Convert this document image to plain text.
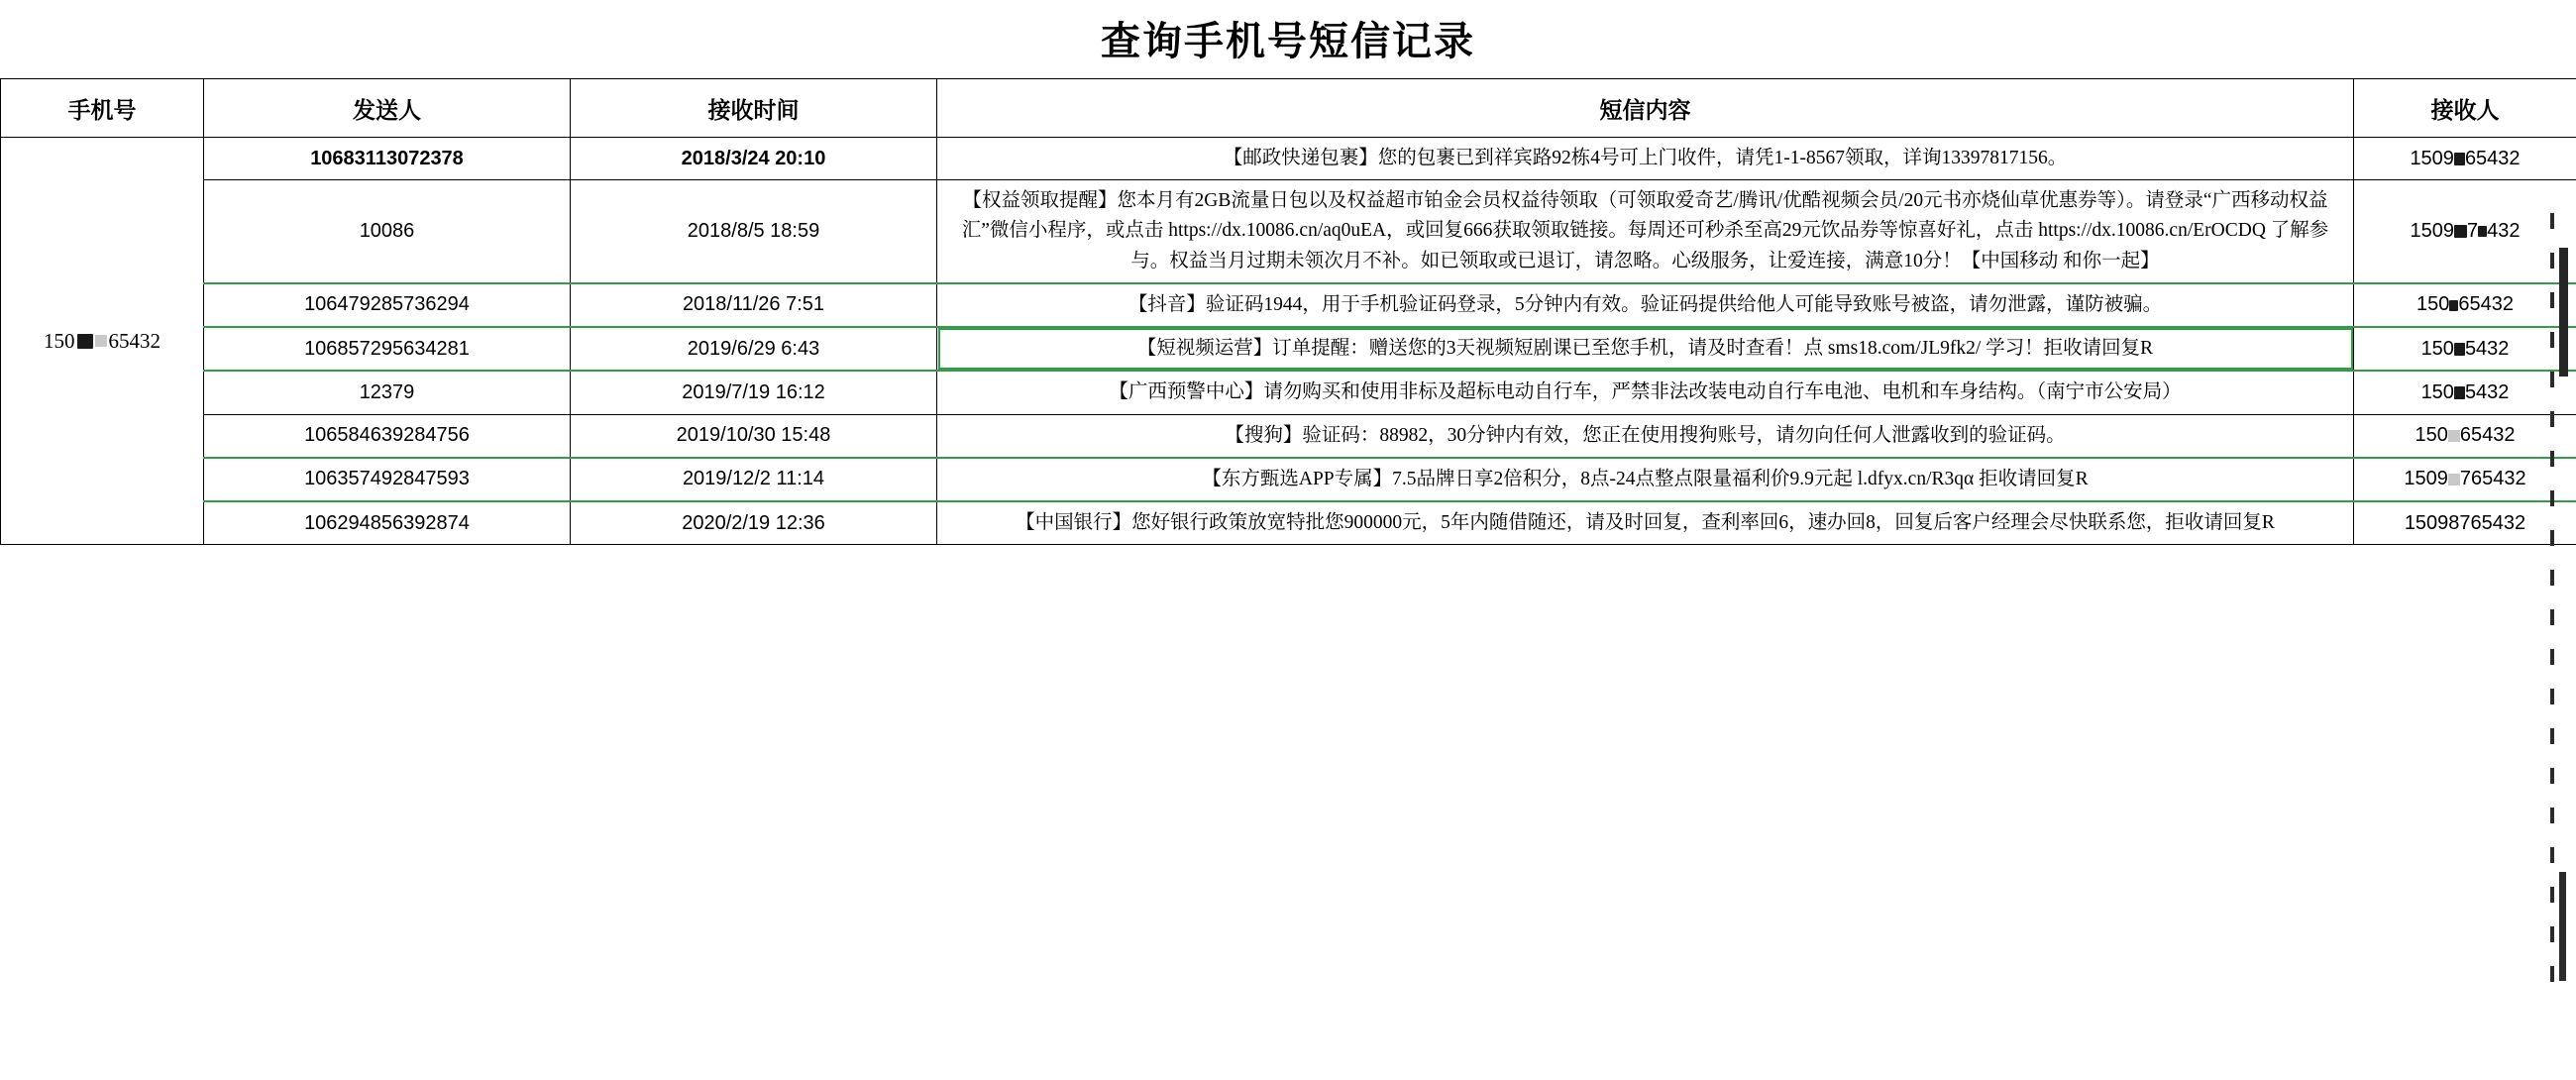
查询手机号短信记录
手机号	发送人	接收时间	短信内容	接收人

150 65432	10683113072378	2018/3/24 20:10	【邮政快递包裹】您的包裹已到祥宾路92栋4号可上门收件，请凭1-1-8567领取，详询13397817156。	1509 65432
	10086	2018/8/5 18:59	【权益领取提醒】您本月有2GB流量日包以及权益超市铂金会员权益待领取（可领取爱奇艺/腾讯/优酷视频会员/20元书亦烧仙草优惠券等）。请登录“广西移动权益汇”微信小程序，或点击 https://dx.10086.cn/aq0uEA，或回复666获取领取链接。每周还可秒杀至高29元饮品券等惊喜好礼，点击 https://dx.10086.cn/ErOCDQ 了解参与。权益当月过期未领次月不补。如已领取或已退订，请忽略。心级服务，让爱连接，满意10分！【中国移动 和你一起】	1509 7 432
	106479285736294	2018/11/26 7:51	【抖音】验证码1944，用于手机验证码登录，5分钟内有效。验证码提供给他人可能导致账号被盗，请勿泄露，谨防被骗。	150 65432
	106857295634281	2019/6/29 6:43	【短视频运营】订单提醒：赠送您的3天视频短剧课已至您手机，请及时查看！点 sms18.com/JL9fk2/ 学习！拒收请回复R	150 5432
	12379	2019/7/19 16:12	【广西预警中心】请勿购买和使用非标及超标电动自行车，严禁非法改装电动自行车电池、电机和车身结构。（南宁市公安局）	150 5432
	106584639284756	2019/10/30 15:48	【搜狗】验证码：88982，30分钟内有效，您正在使用搜狗账号，请勿向任何人泄露收到的验证码。	150 65432
	106357492847593	2019/12/2 11:14	【东方甄选APP专属】7.5品牌日享2倍积分，8点-24点整点限量福利价9.9元起 l.dfyx.cn/R3qα 拒收请回复R	1509 765432
	106294856392874	2020/2/19 12:36	【中国银行】您好银行政策放宽特批您900000元，5年内随借随还，请及时回复，查利率回6，速办回8，回复后客户经理会尽快联系您，拒收请回复R	15098765432
